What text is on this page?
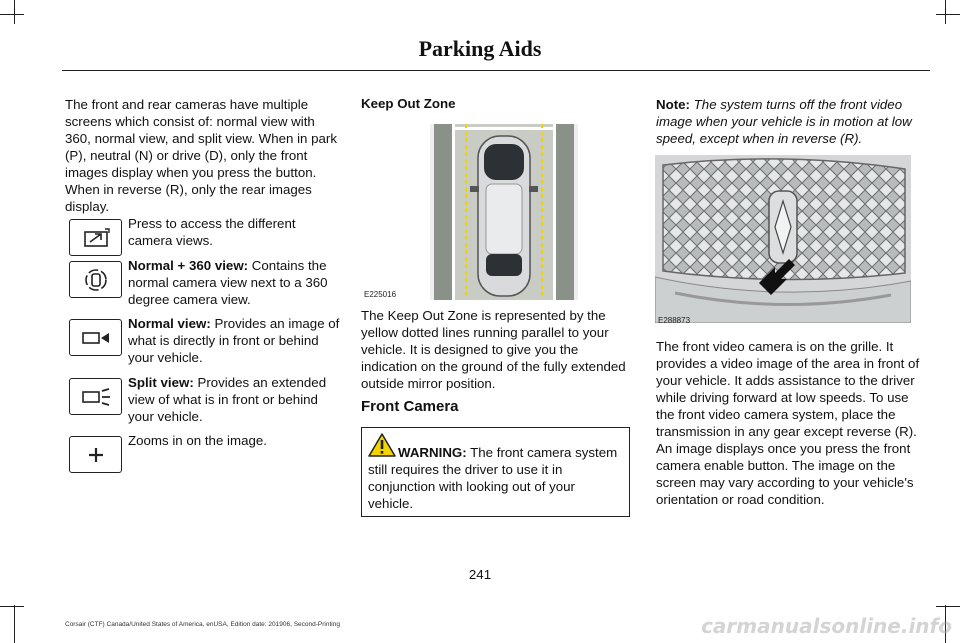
Parking Aids

The front and rear cameras have multiple screens which consist of: normal view with 360, normal view, and split view. When in park (P), neutral (N) or drive (D), only the front images display when you press the button. When in reverse (R), only the rear images display.

Press to access the different camera views.
Normal + 360 view: Contains the normal camera view next to a 360 degree camera view.
Normal view: Provides an image of what is directly in front or behind your vehicle.
Split view: Provides an extended view of what is in front or behind your vehicle.
Zooms in on the image.
Keep Out Zone
E225016

The Keep Out Zone is represented by the yellow dotted lines running parallel to your vehicle. It is designed to give you the indication on the ground of the fully extended outside mirror position.

Front Camera
WARNING: The front camera system
still requires the driver to use it in conjunction with looking out of your vehicle.
Note: The system turns off the front video image when your vehicle is in motion at low speed, except when in reverse (R).
E288873

The front video camera is on the grille. It provides a video image of the area in front of your vehicle. It adds assistance to the driver while driving forward at low speeds. To use the front video camera system, place the transmission in any gear except reverse (R). An image displays once you press the front camera enable button. The image on the screen may vary according to your vehicle's orientation or road condition.

241
Corsair (CTF) Canada/United States of America, enUSA, Edition date: 201906, Second-Printing	carmanualsonline.info
